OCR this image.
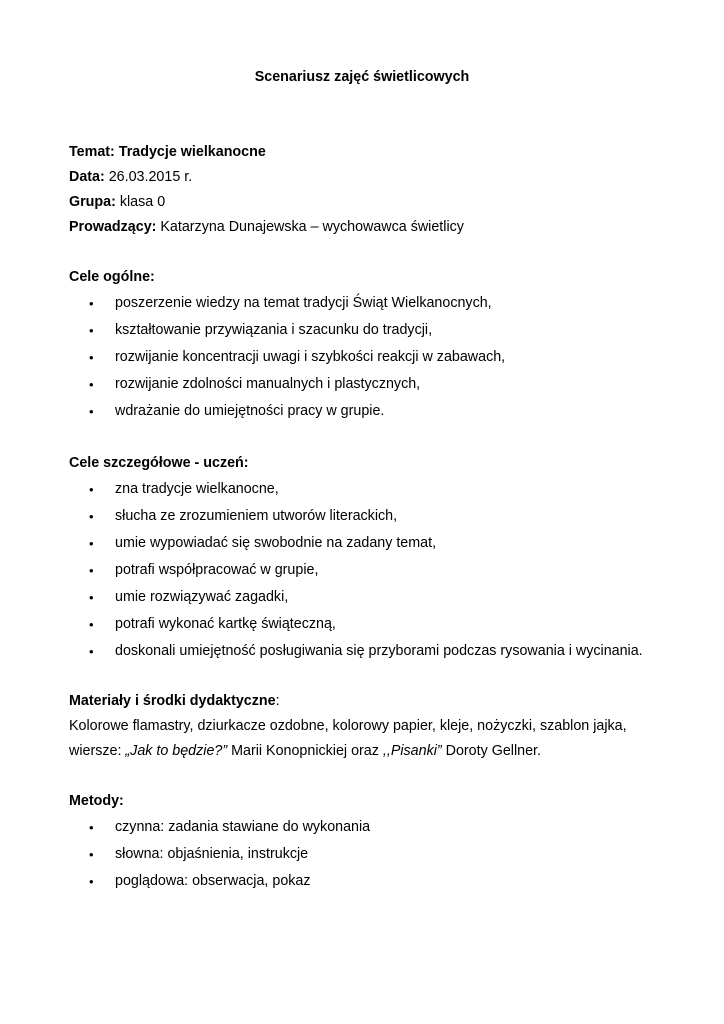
Scenariusz zajęć świetlicowych
Temat: Tradycje wielkanocne
Data: 26.03.2015 r.
Grupa: klasa 0
Prowadzący: Katarzyna Dunajewska – wychowawca świetlicy
Cele ogólne:
• poszerzenie wiedzy na temat tradycji Świąt Wielkanocnych,
• kształtowanie przywiązania i szacunku do tradycji,
• rozwijanie koncentracji uwagi i szybkości reakcji w zabawach,
• rozwijanie zdolności manualnych i plastycznych,
• wdrażanie do umiejętności pracy w grupie.
Cele szczegółowe - uczeń:
• zna tradycje wielkanocne,
• słucha ze zrozumieniem utworów literackich,
• umie wypowiadać się swobodnie na zadany temat,
• potrafi współpracować w grupie,
• umie rozwiązywać zagadki,
• potrafi wykonać kartkę świąteczną,
• doskonali umiejętność posługiwania się przyborami podczas rysowania i wycinania.
Materiały i środki dydaktyczne:
Kolorowe flamastry, dziurkacze ozdobne, kolorowy papier, kleje, nożyczki, szablon jajka,
wiersze: „Jak to będzie?” Marii Konopnickiej oraz ,,Pisanki” Doroty Gellner.
Metody:
• czynna: zadania stawiane do wykonania
• słowna: objaśnienia, instrukcje
• poglądowa: obserwacja, pokaz
